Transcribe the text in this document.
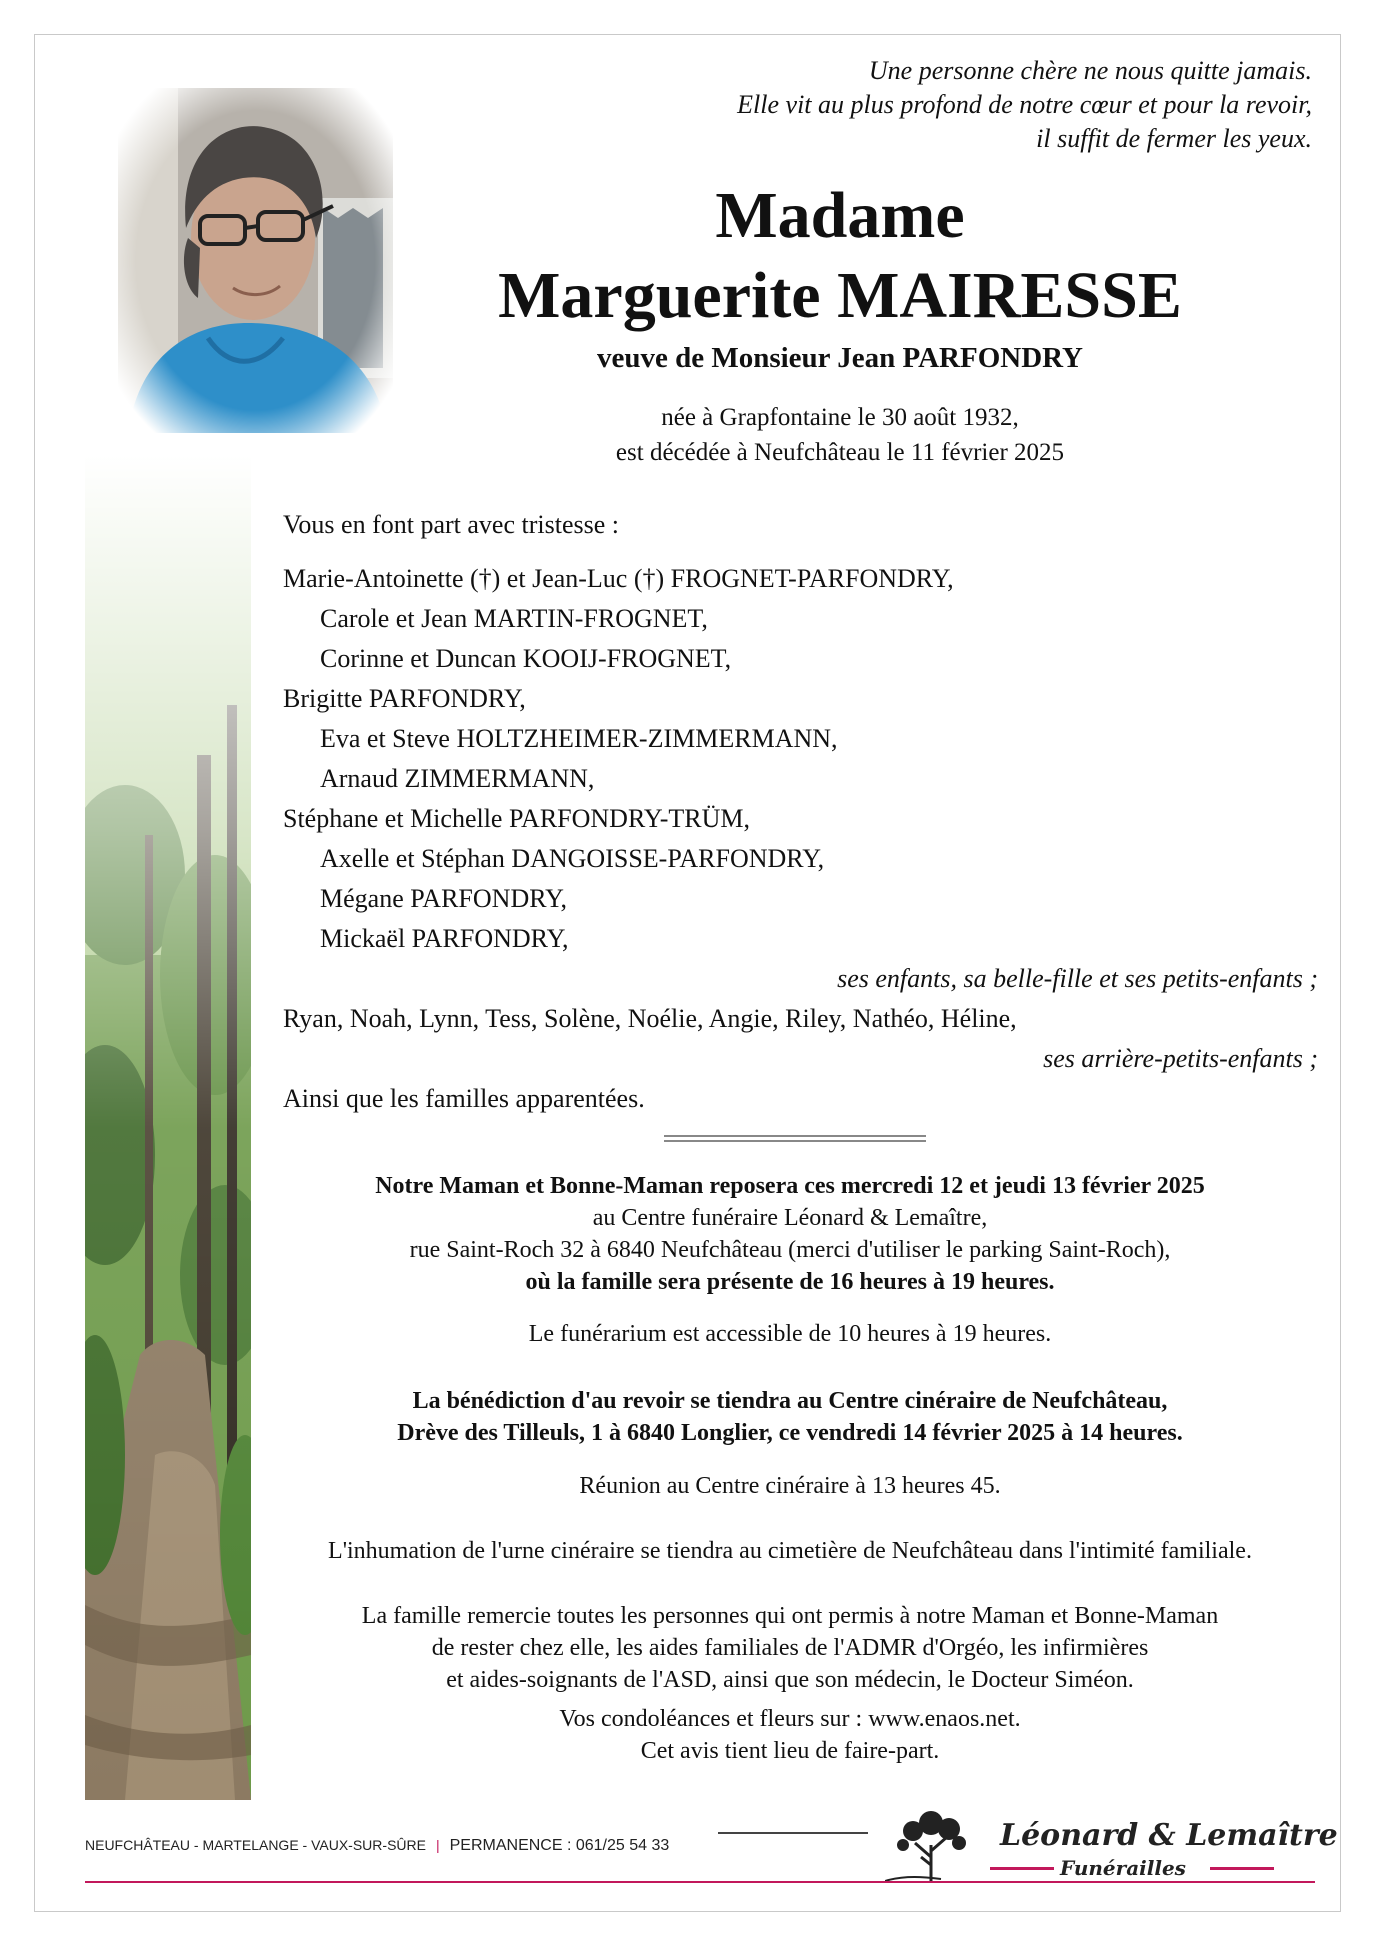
Une personne chère ne nous quitte jamais.
Elle vit au plus profond de notre cœur et pour la revoir,
il suffit de fermer les yeux.
Madame
Marguerite MAIRESSE
veuve de Monsieur Jean PARFONDRY
née à Grapfontaine le 30 août 1932,
est décédée à Neufchâteau le 11 février 2025
Vous en font part avec tristesse :
Marie-Antoinette (†) et Jean-Luc (†) FROGNET-PARFONDRY,
Carole et Jean MARTIN-FROGNET,
Corinne et Duncan KOOIJ-FROGNET,
Brigitte PARFONDRY,
Eva et Steve HOLTZHEIMER-ZIMMERMANN,
Arnaud ZIMMERMANN,
Stéphane et Michelle PARFONDRY-TRÜM,
Axelle et Stéphan DANGOISSE-PARFONDRY,
Mégane PARFONDRY,
Mickaël PARFONDRY,
ses enfants, sa belle-fille et ses petits-enfants ;
Ryan, Noah, Lynn, Tess, Solène, Noélie, Angie, Riley, Nathéo, Héline,
ses arrière-petits-enfants ;
Ainsi que les familles apparentées.
Notre Maman et Bonne-Maman reposera ces mercredi 12 et jeudi 13 février 2025
au Centre funéraire Léonard & Lemaître,
rue Saint-Roch 32 à 6840 Neufchâteau (merci d'utiliser le parking Saint-Roch),
où la famille sera présente de 16 heures à 19 heures.
Le funérarium est accessible de 10 heures à 19 heures.
La bénédiction d'au revoir se tiendra au Centre cinéraire de Neufchâteau,
Drève des Tilleuls, 1 à 6840 Longlier, ce vendredi 14 février 2025 à 14 heures.
Réunion au Centre cinéraire à 13 heures 45.
L'inhumation de l'urne cinéraire se tiendra au cimetière de Neufchâteau dans l'intimité familiale.
La famille remercie toutes les personnes qui ont permis à notre Maman et Bonne-Maman
de rester chez elle, les aides familiales de l'ADMR d'Orgéo, les infirmières
et aides-soignants de l'ASD, ainsi que son médecin, le Docteur Siméon.
Vos condoléances et fleurs sur : www.enaos.net.
Cet avis tient lieu de faire-part.
NEUFCHÂTEAU - MARTELANGE - VAUX-SUR-SÛRE | PERMANENCE : 061/25 54 33	Léonard & Lemaître
Funérailles
